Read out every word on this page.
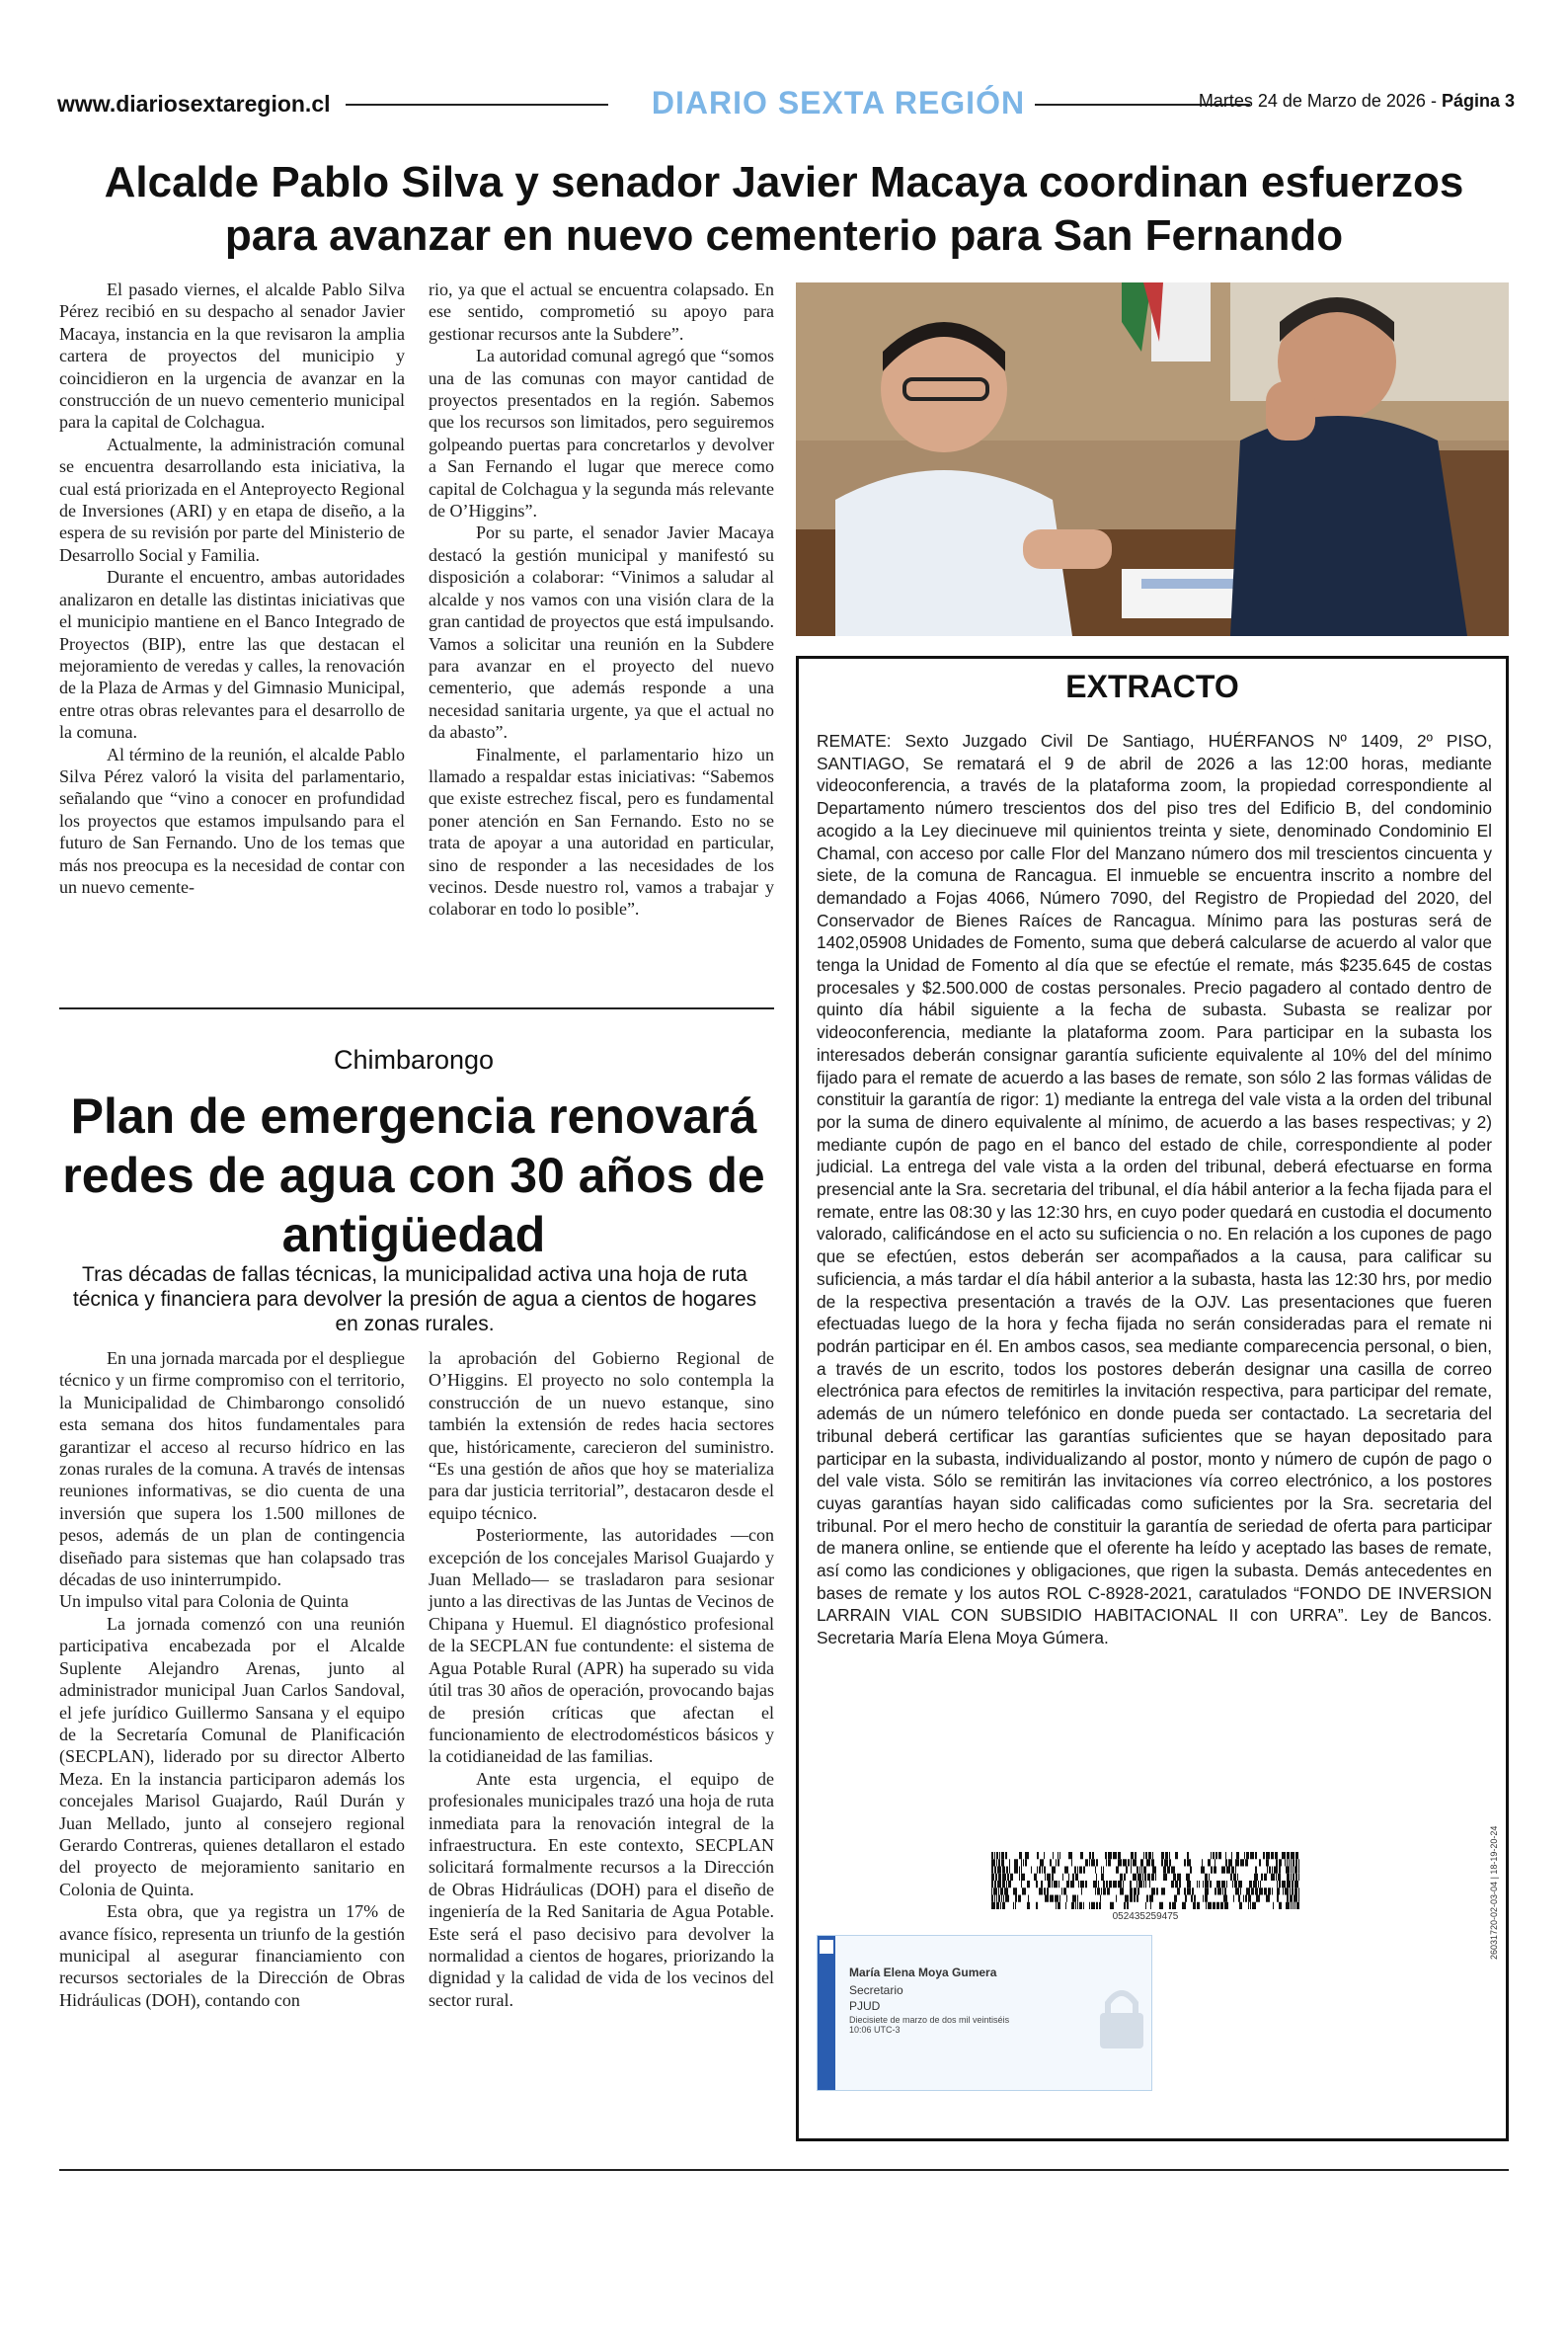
www.diariosextaregion.cl	DIARIO SEXTA REGIÓN	Martes 24 de Marzo de 2026 - Página 3
Alcalde Pablo Silva y senador Javier Macaya coordinan esfuerzos para avanzar en nuevo cementerio para San Fernando

El pasado viernes, el alcalde Pablo Silva Pérez recibió en su despacho al senador Javier Macaya, instancia en la que revisaron la amplia cartera de proyectos del municipio y coincidieron en la urgencia de avanzar en la construcción de un nuevo cementerio municipal para la capital de Colchagua.

Actualmente, la administración comunal se encuentra desarrollando esta iniciativa, la cual está priorizada en el Anteproyecto Regional de Inversiones (ARI) y en etapa de diseño, a la espera de su revisión por parte del Ministerio de Desarrollo Social y Familia.

Durante el encuentro, ambas autoridades analizaron en detalle las distintas iniciativas que el municipio mantiene en el Banco Integrado de Proyectos (BIP), entre las que destacan el mejoramiento de veredas y calles, la renovación de la Plaza de Armas y del Gimnasio Municipal, entre otras obras relevantes para el desarrollo de la comuna.

Al término de la reunión, el alcalde Pablo Silva Pérez valoró la visita del parlamentario, señalando que “vino a conocer en profundidad los proyectos que estamos impulsando para el futuro de San Fernando. Uno de los temas que más nos preocupa es la necesidad de contar con un nuevo cemente-

rio, ya que el actual se encuentra colapsado. En ese sentido, comprometió su apoyo para gestionar recursos ante la Subdere”.

La autoridad comunal agregó que “somos una de las comunas con mayor cantidad de proyectos presentados en la región. Sabemos que los recursos son limitados, pero seguiremos golpeando puertas para concretarlos y devolver a San Fernando el lugar que merece como capital de Colchagua y la segunda más relevante de O’Higgins”.

Por su parte, el senador Javier Macaya destacó la gestión municipal y manifestó su disposición a colaborar: “Vinimos a saludar al alcalde y nos vamos con una visión clara de la gran cantidad de proyectos que está impulsando. Vamos a solicitar una reunión en la Subdere para avanzar en el proyecto del nuevo cementerio, que además responde a una necesidad sanitaria urgente, ya que el actual no da abasto”.

Finalmente, el parlamentario hizo un llamado a respaldar estas iniciativas: “Sabemos que existe estrechez fiscal, pero es fundamental poner atención en San Fernando. Esto no se trata de apoyar a una autoridad en particular, sino de responder a las necesidades de los vecinos. Desde nuestro rol, vamos a trabajar y colaborar en todo lo posible”.

Chimbarongo
Plan de emergencia renovará redes de agua con 30 años de antigüedad
Tras décadas de fallas técnicas, la municipalidad activa una hoja de ruta técnica y financiera para devolver la presión de agua a cientos de hogares en zonas rurales.

En una jornada marcada por el despliegue técnico y un firme compromiso con el territorio, la Municipalidad de Chimbarongo consolidó esta semana dos hitos fundamentales para garantizar el acceso al recurso hídrico en las zonas rurales de la comuna. A través de intensas reuniones informativas, se dio cuenta de una inversión que supera los 1.500 millones de pesos, además de un plan de contingencia diseñado para sistemas que han colapsado tras décadas de uso ininterrumpido.

Un impulso vital para Colonia de Quinta

La jornada comenzó con una reunión participativa encabezada por el Alcalde Suplente Alejandro Arenas, junto al administrador municipal Juan Carlos Sandoval, el jefe jurídico Guillermo Sansana y el equipo de la Secretaría Comunal de Planificación (SECPLAN), liderado por su director Alberto Meza. En la instancia participaron además los concejales Marisol Guajardo, Raúl Durán y Juan Mellado, junto al consejero regional Gerardo Contreras, quienes detallaron el estado del proyecto de mejoramiento sanitario en Colonia de Quinta.

Esta obra, que ya registra un 17% de avance físico, representa un triunfo de la gestión municipal al asegurar financiamiento con recursos sectoriales de la Dirección de Obras Hidráulicas (DOH), contando con

la aprobación del Gobierno Regional de O’Higgins. El proyecto no solo contempla la construcción de un nuevo estanque, sino también la extensión de redes hacia sectores que, históricamente, carecieron del suministro. “Es una gestión de años que hoy se materializa para dar justicia territorial”, destacaron desde el equipo técnico.

Posteriormente, las autoridades —con excepción de los concejales Marisol Guajardo y Juan Mellado— se trasladaron para sesionar junto a las directivas de las Juntas de Vecinos de Chipana y Huemul. El diagnóstico profesional de la SECPLAN fue contundente: el sistema de Agua Potable Rural (APR) ha superado su vida útil tras 30 años de operación, provocando bajas de presión críticas que afectan el funcionamiento de electrodomésticos básicos y la cotidianeidad de las familias.

Ante esta urgencia, el equipo de profesionales municipales trazó una hoja de ruta inmediata para la renovación integral de la infraestructura. En este contexto, SECPLAN solicitará formalmente recursos a la Dirección de Obras Hidráulicas (DOH) para el diseño de ingeniería de la Red Sanitaria de Agua Potable. Este será el paso decisivo para devolver la normalidad a cientos de hogares, priorizando la dignidad y la calidad de vida de los vecinos del sector rural.

EXTRACTO
REMATE: Sexto Juzgado Civil De Santiago, HUÉRFANOS Nº 1409, 2º PISO, SANTIAGO, Se rematará el 9 de abril de 2026 a las 12:00 horas, mediante videoconferencia, a través de la plataforma zoom, la propiedad correspondiente al Departamento número trescientos dos del piso tres del Edificio B, del condominio acogido a la Ley diecinueve mil quinientos treinta y siete, denominado Condominio El Chamal, con acceso por calle Flor del Manzano número dos mil trescientos cincuenta y siete, de la comuna de Rancagua. El inmueble se encuentra inscrito a nombre del demandado a Fojas 4066, Número 7090, del Registro de Propiedad del 2020, del Conservador de Bienes Raíces de Rancagua. Mínimo para las posturas será de 1402,05908 Unidades de Fomento, suma que deberá calcularse de acuerdo al valor que tenga la Unidad de Fomento al día que se efectúe el remate, más $235.645 de costas procesales y $2.500.000 de costas personales. Precio pagadero al contado dentro de quinto día hábil siguiente a la fecha de subasta. Subasta se realizar por videoconferencia, mediante la plataforma zoom. Para participar en la subasta los interesados deberán consignar garantía suficiente equivalente al 10% del del mínimo fijado para el remate de acuerdo a las bases de remate, son sólo 2 las formas válidas de constituir la garantía de rigor: 1) mediante la entrega del vale vista a la orden del tribunal por la suma de dinero equivalente al mínimo, de acuerdo a las bases respectivas; y 2) mediante cupón de pago en el banco del estado de chile, correspondiente al poder judicial. La entrega del vale vista a la orden del tribunal, deberá efectuarse en forma presencial ante la Sra. secretaria del tribunal, el día hábil anterior a la fecha fijada para el remate, entre las 08:30 y las 12:30 hrs, en cuyo poder quedará en custodia el documento valorado, calificándose en el acto su suficiencia o no. En relación a los cupones de pago que se efectúen, estos deberán ser acompañados a la causa, para calificar su suficiencia, a más tardar el día hábil anterior a la subasta, hasta las 12:30 hrs, por medio de la respectiva presentación a través de la OJV. Las presentaciones que fueren efectuadas luego de la hora y fecha fijada no serán consideradas para el remate ni podrán participar en él. En ambos casos, sea mediante comparecencia personal, o bien, a través de un escrito, todos los postores deberán designar una casilla de correo electrónica para efectos de remitirles la invitación respectiva, para participar del remate, además de un número telefónico en donde pueda ser contactado. La secretaria del tribunal deberá certificar las garantías suficientes que se hayan depositado para participar en la subasta, individualizando al postor, monto y número de cupón de pago o del vale vista. Sólo se remitirán las invitaciones vía correo electrónico, a los postores cuyas garantías hayan sido calificadas como suficientes por la Sra. secretaria del tribunal. Por el mero hecho de constituir la garantía de seriedad de oferta para participar de manera online, se entiende que el oferente ha leído y aceptado las bases de remate, así como las condiciones y obligaciones, que rigen la subasta. Demás antecedentes en bases de remate y los autos ROL C-8928-2021, caratulados “FONDO DE INVERSION LARRAIN VIAL CON SUBSIDIO HABITACIONAL II con URRA”. Ley de Bancos. Secretaria María Elena Moya Gúmera.
052435259475	26031720-02-03-04 | 18-19-20-24
María Elena Moya Gumera
Secretario
PJUD
Diecisiete de marzo de dos mil veintiséis
10:06 UTC-3
